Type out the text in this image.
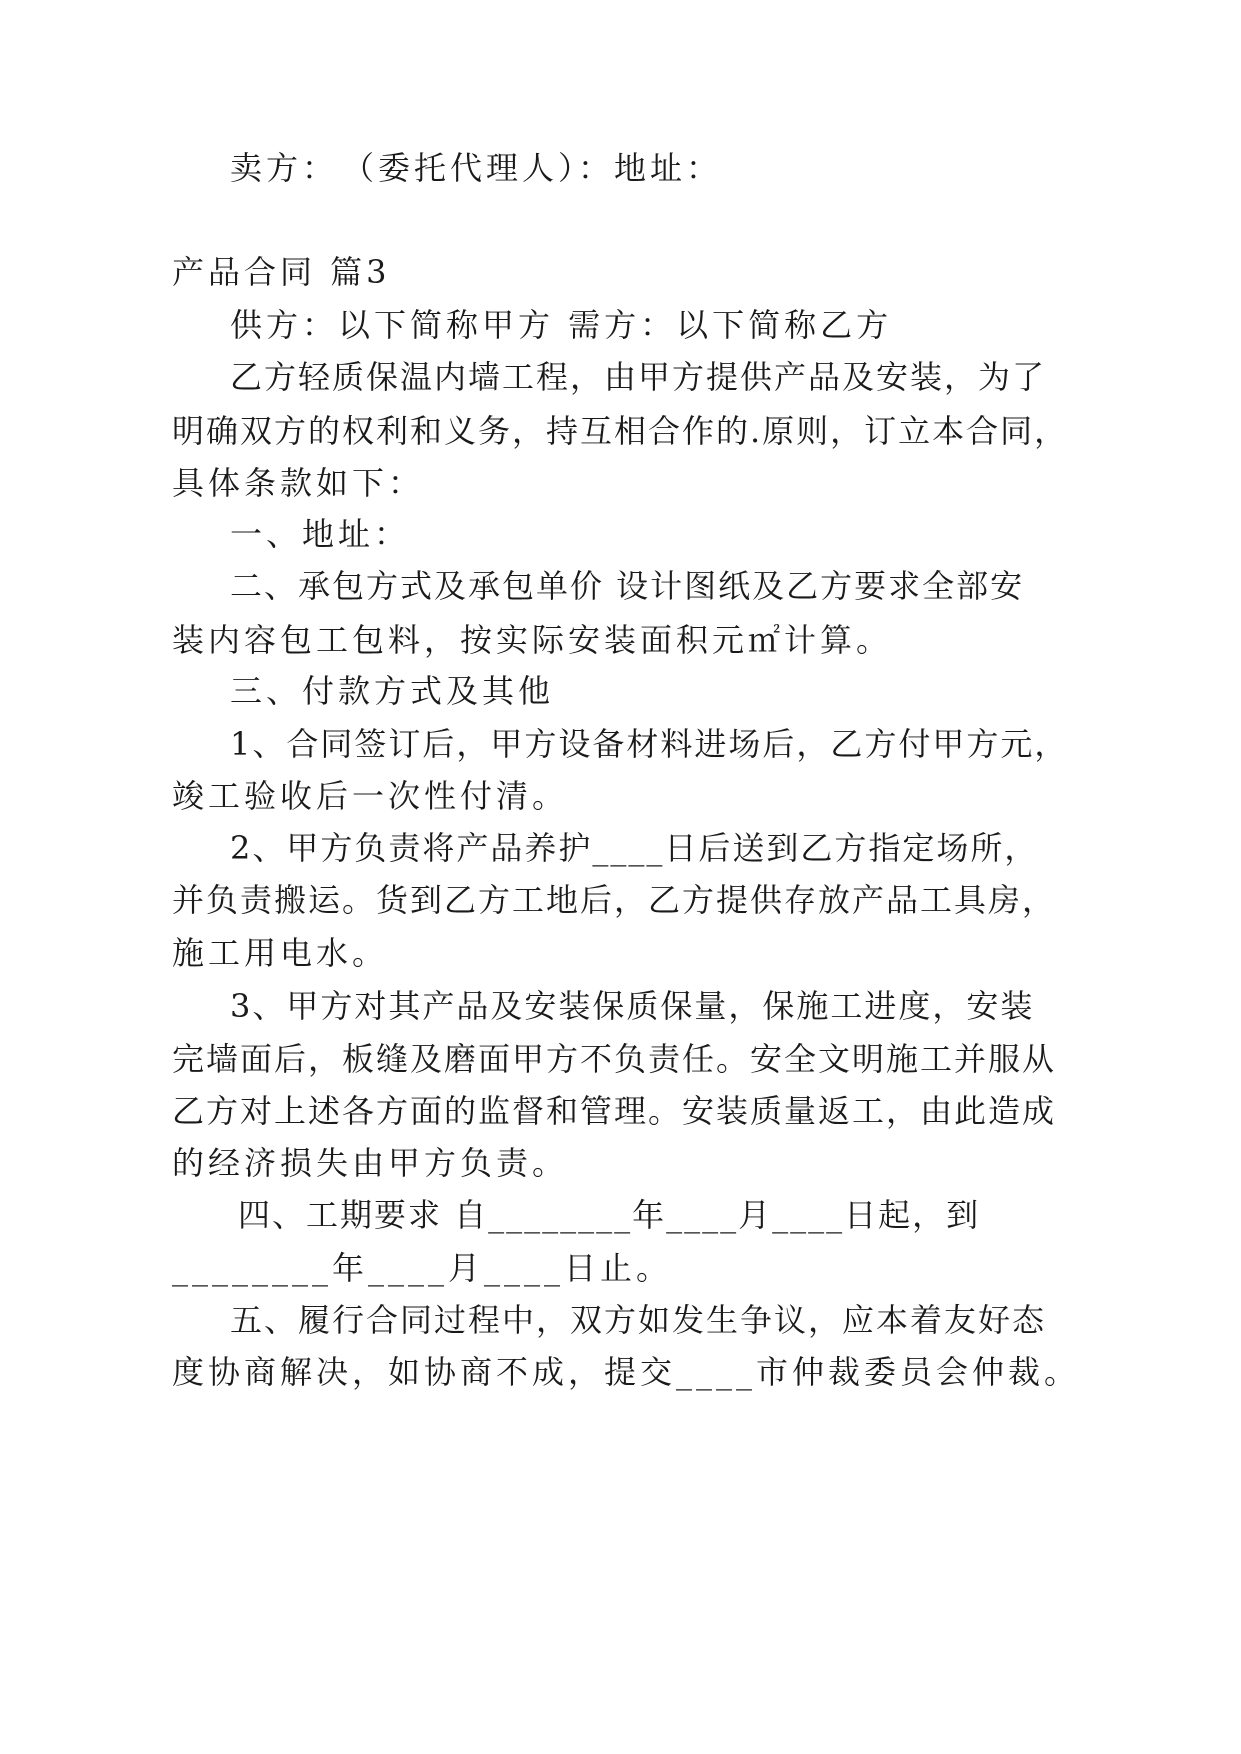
卖方：　（委托代理人）：地址：
产品合同 篇3
供方：以下简称甲方 需方：以下简称乙方
乙方轻质保温内墙工程，由甲方提供产品及安装，为了
明确双方的权利和义务，持互相合作的.原则，订立本合同，
具体条款如下：
一、地址：
二、承包方式及承包单价 设计图纸及乙方要求全部安
装内容包工包料，按实际安装面积元㎡计算。
三、付款方式及其他
1、合同签订后，甲方设备材料进场后，乙方付甲方元，
竣工验收后一次性付清。
2、甲方负责将产品养护____日后送到乙方指定场所，
并负责搬运。货到乙方工地后，乙方提供存放产品工具房，
施工用电水。
3、甲方对其产品及安装保质保量，保施工进度，安装
完墙面后，板缝及磨面甲方不负责任。安全文明施工并服从
乙方对上述各方面的监督和管理。安装质量返工，由此造成
的经济损失由甲方负责。
四、工期要求 自________年____月____日起，到
________年____月____日止。
五、履行合同过程中，双方如发生争议，应本着友好态
度协商解决，如协商不成，提交____市仲裁委员会仲裁。
